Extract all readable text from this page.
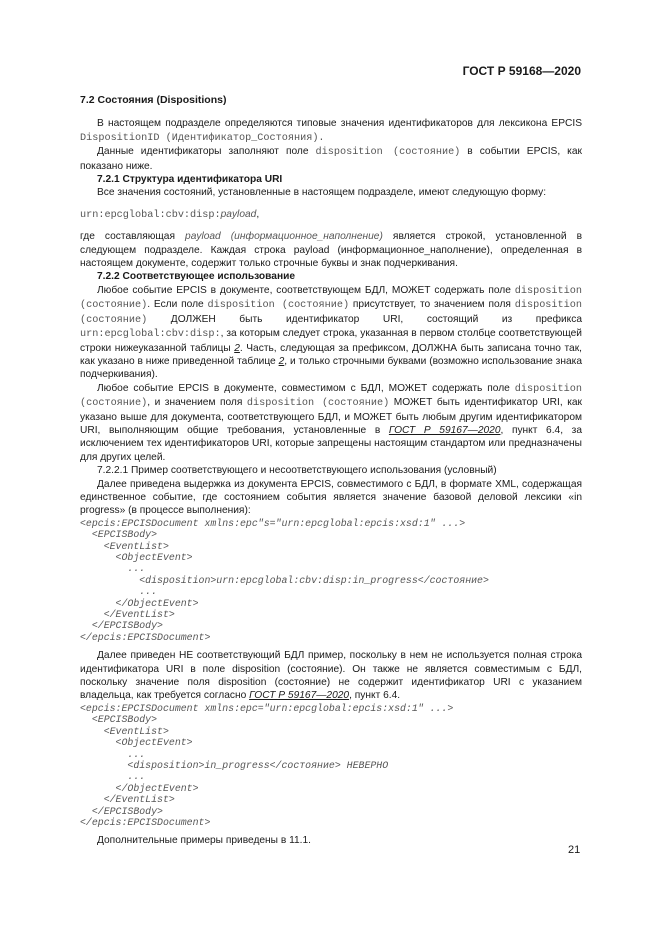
ГОСТ Р 59168—2020
7.2 Состояния (Dispositions)

В настоящем подразделе определяются типовые значения идентификаторов для лексикона EPCIS DispositionID (Идентификатор_Состояния).

Данные идентификаторы заполняют поле disposition (состояние) в событии EPCIS, как показано ниже.

7.2.1 Структура идентификатора URI

Все значения состояний, установленные в настоящем подразделе, имеют следующую форму:

urn:epcglobal:cbv:disp:payload,

где составляющая payload (информационное_наполнение) является строкой, установленной в следующем подразделе. Каждая строка payload (информационное_наполнение), определенная в настоящем документе, содержит только строчные буквы и знак подчеркивания.

7.2.2 Соответствующее использование

Любое событие EPCIS в документе, соответствующем БДЛ, МОЖЕТ содержать поле disposition (состояние). Если поле disposition (состояние) присутствует, то значением поля disposition (состояние) ДОЛЖЕН быть идентификатор URI, состоящий из префикса urn:epcglobal:cbv:disp:, за которым следует строка, указанная в первом столбце соответствующей строки нижеуказанной таблицы 2. Часть, следующая за префиксом, ДОЛЖНА быть записана точно так, как указано в ниже приведенной таблице 2, и только строчными буквами (возможно использование знака подчеркивания).

Любое событие EPCIS в документе, совместимом с БДЛ, МОЖЕТ содержать поле disposition (состояние), и значением поля disposition (состояние) МОЖЕТ быть идентификатор URI, как указано выше для документа, соответствующего БДЛ, и МОЖЕТ быть любым другим идентификатором URI, выполняющим общие требования, установленные в ГОСТ Р 59167—2020, пункт 6.4, за исключением тех идентификаторов URI, которые запрещены настоящим стандартом или предназначены для других целей.

7.2.2.1 Пример соответствующего и несоответствующего использования (условный)

Далее приведена выдержка из документа EPCIS, совместимого с БДЛ, в формате XML, содержащая единственное событие, где состоянием события является значение базовой деловой лексики «in progress» (в процессе выполнения):

<epcis:EPCISDocument xmlns:epc"s="urn:epcglobal:epcis:xsd:1" ...>
<EPCISBody>
<EventList>
<ObjectEvent>
...
<disposition>urn:epcglobal:cbv:disp:in_progress</состояние>
...
</ObjectEvent>
</EventList>
</EPCISBody>
</epcis:EPCISDocument>

Далее приведен НЕ соответствующий БДЛ пример, поскольку в нем не используется полная строка идентификатора URI в поле disposition (состояние). Он также не является совместимым с БДЛ, поскольку значение поля disposition (состояние) не содержит идентификатор URI с указанием владельца, как требуется согласно ГОСТ Р 59167—2020, пункт 6.4.

<epcis:EPCISDocument xmlns:epc="urn:epcglobal:epcis:xsd:1" ...>
<EPCISBody>
<EventList>
<ObjectEvent>
...
<disposition>in_progress</состояние> НЕВЕРНО
...
</ObjectEvent>
</EventList>
</EPCISBody>
</epcis:EPCISDocument>

Дополнительные примеры приведены в 11.1.

21
